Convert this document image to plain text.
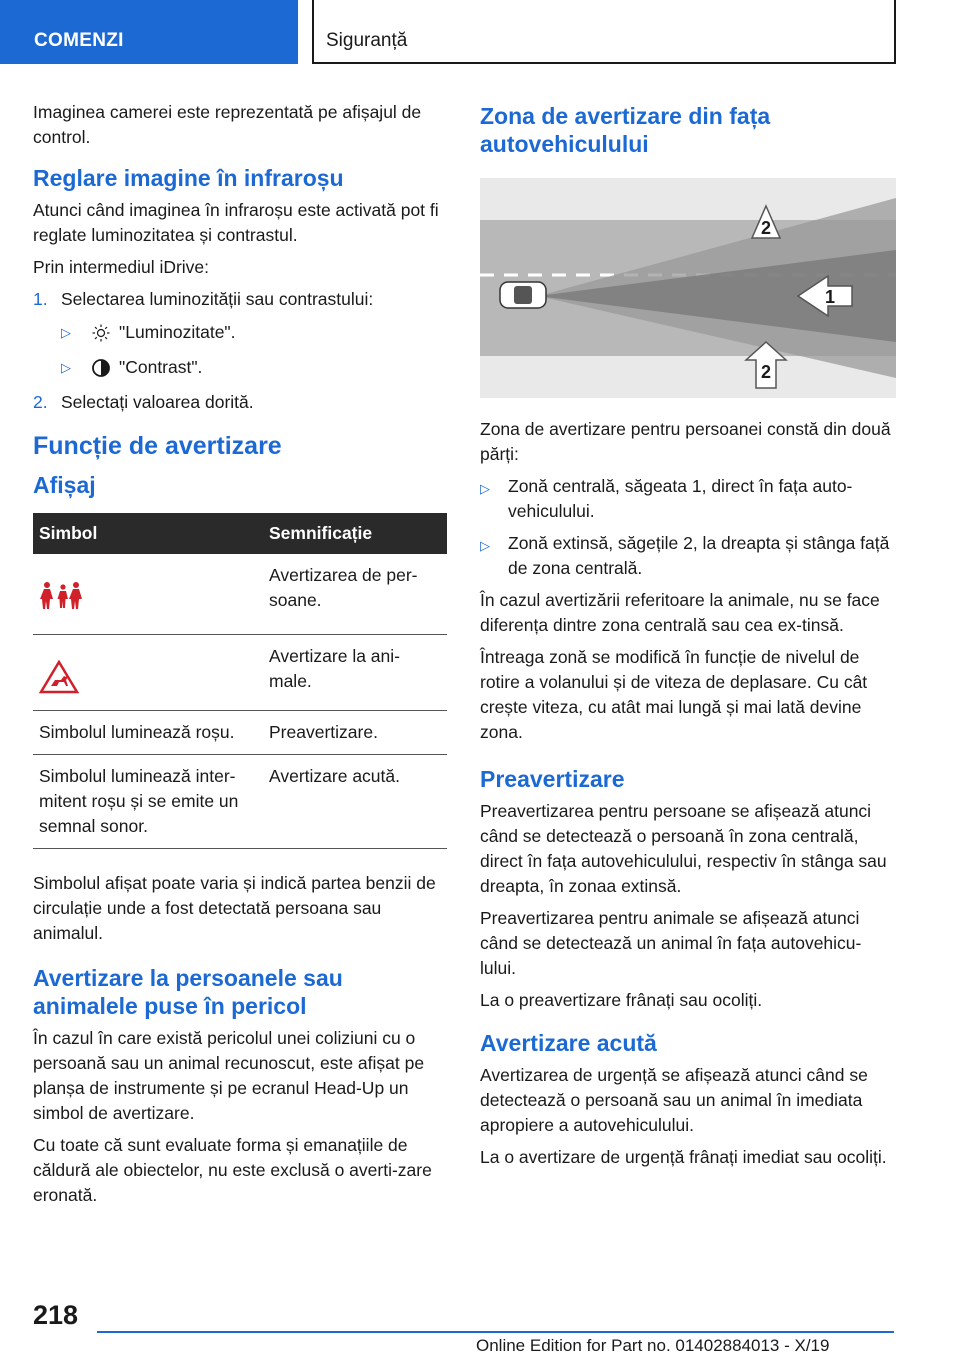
COMENZI	Siguranță

Imaginea camerei este reprezentată pe afișajul de control.

Reglare imagine în infraroșu

Atunci când imaginea în infraroșu este activată pot fi reglate luminozitatea și contrastul.

Prin intermediul iDrive:

1. Selectarea luminozității sau contrastului:
▷	"Luminozitate".
▷	"Contrast".
2. Selectați valoarea dorită.
Funcție de avertizare
Afișaj
Simbol	Semnificație
	Avertizarea de per-soane.
	Avertizare la ani-male.
Simbolul luminează roșu.	Preavertizare.
Simbolul luminează inter-mitent roșu și se emite un semnal sonor.	Avertizare acută.

Simbolul afișat poate varia și indică partea benzii de circulație unde a fost detectată persoana sau animalul.

Avertizare la persoanele sau animalele puse în pericol

În cazul în care există pericolul unei coliziuni cu o persoană sau un animal recunoscut, este afișat pe planșa de instrumente și pe ecranul Head-Up un simbol de avertizare.

Cu toate că sunt evaluate forma și emanațiile de căldură ale obiectelor, nu este exclusă o averti-zare eronată.

Zona de avertizare din fața autovehiculului
2
1
2

Zona de avertizare pentru persoanei constă din două părți:

▷	Zonă centrală, săgeata 1, direct în fața auto-vehiculului.
▷	Zonă extinsă, săgețile 2, la dreapta și stânga față de zona centrală.

În cazul avertizării referitoare la animale, nu se face diferența dintre zona centrală sau cea ex-tinsă.

Întreaga zonă se modifică în funcție de nivelul de rotire a volanului și de viteza de deplasare. Cu cât crește viteza, cu atât mai lungă și mai lată devine zona.

Preavertizare

Preavertizarea pentru persoane se afișează atunci când se detectează o persoană în zona centrală, direct în fața autovehiculului, respectiv în stânga sau dreapta, în zonaa extinsă.

Preavertizarea pentru animale se afișează atunci când se detectează un animal în fața autovehicu-lului.

La o preavertizare frânați sau ocoliți.

Avertizare acută

Avertizarea de urgență se afișează atunci când se detectează o persoană sau un animal în imediata apropiere a autovehiculului.

La o avertizare de urgență frânați imediat sau ocoliți.

218
Online Edition for Part no. 01402884013 - X/19
